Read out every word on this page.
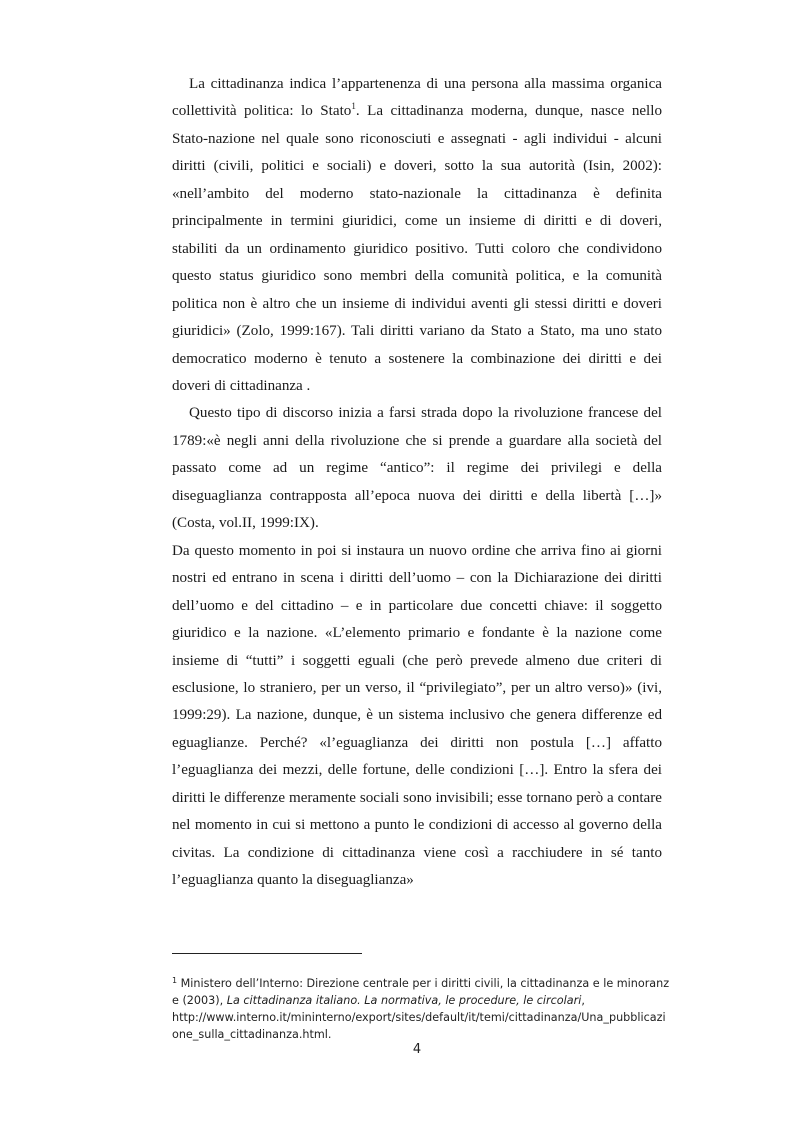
La cittadinanza indica l’appartenenza di una persona alla massima organica collettività politica: lo Stato$^1$. La cittadinanza moderna, dunque, nasce nello Stato-nazione nel quale sono riconosciuti e assegnati - agli individui - alcuni diritti (civili, politici e sociali) e doveri, sotto la sua autorità (Isin, 2002): «nell’ambito del moderno stato-nazionale la cittadinanza è definita principalmente in termini giuridici, come un insieme di diritti e di doveri, stabiliti da un ordinamento giuridico positivo. Tutti coloro che condividono questo status giuridico sono membri della comunità politica, e la comunità politica non è altro che un insieme di individui aventi gli stessi diritti e doveri giuridici» (Zolo, 1999:167). Tali diritti variano da Stato a Stato, ma uno stato democratico moderno è tenuto a sostenere la combinazione dei diritti e dei doveri di cittadinanza .

Questo tipo di discorso inizia a farsi strada dopo la rivoluzione francese del 1789:«è negli anni della rivoluzione che si prende a guardare alla società del passato come ad un regime “antico”: il regime dei privilegi e della diseguaglianza contrapposta all’epoca nuova dei diritti e della libertà […]» (Costa, vol.II, 1999:IX).

Da questo momento in poi si instaura un nuovo ordine che arriva fino ai giorni nostri ed entrano in scena i diritti dell’uomo – con la Dichiarazione dei diritti dell’uomo e del cittadino – e in particolare due concetti chiave: il soggetto giuridico e la nazione. «L’elemento primario e fondante è la nazione come insieme di “tutti” i soggetti eguali (che però prevede almeno due criteri di esclusione, lo straniero, per un verso, il “privilegiato”, per un altro verso)» (ivi, 1999:29). La nazione, dunque, è un sistema inclusivo che genera differenze ed eguaglianze. Perché? «l’eguaglianza dei diritti non postula […] affatto l’eguaglianza dei mezzi, delle fortune, delle condizioni […]. Entro la sfera dei diritti le differenze meramente sociali sono invisibili; esse tornano però a contare nel momento in cui si mettono a punto le condizioni di accesso al governo della civitas. La condizione di cittadinanza viene così a racchiudere in sé tanto l’eguaglianza quanto la diseguaglianza»

$^1$ Ministero dell’Interno: Direzione centrale per i diritti civili, la cittadinanza e le minoranze (2003), La cittadinanza italiano. La normativa, le procedure, le circolari,
http://www.interno.it/mininterno/export/sites/default/it/temi/cittadinanza/Una_pubblicazione_sulla_cittadinanza.html.
4
